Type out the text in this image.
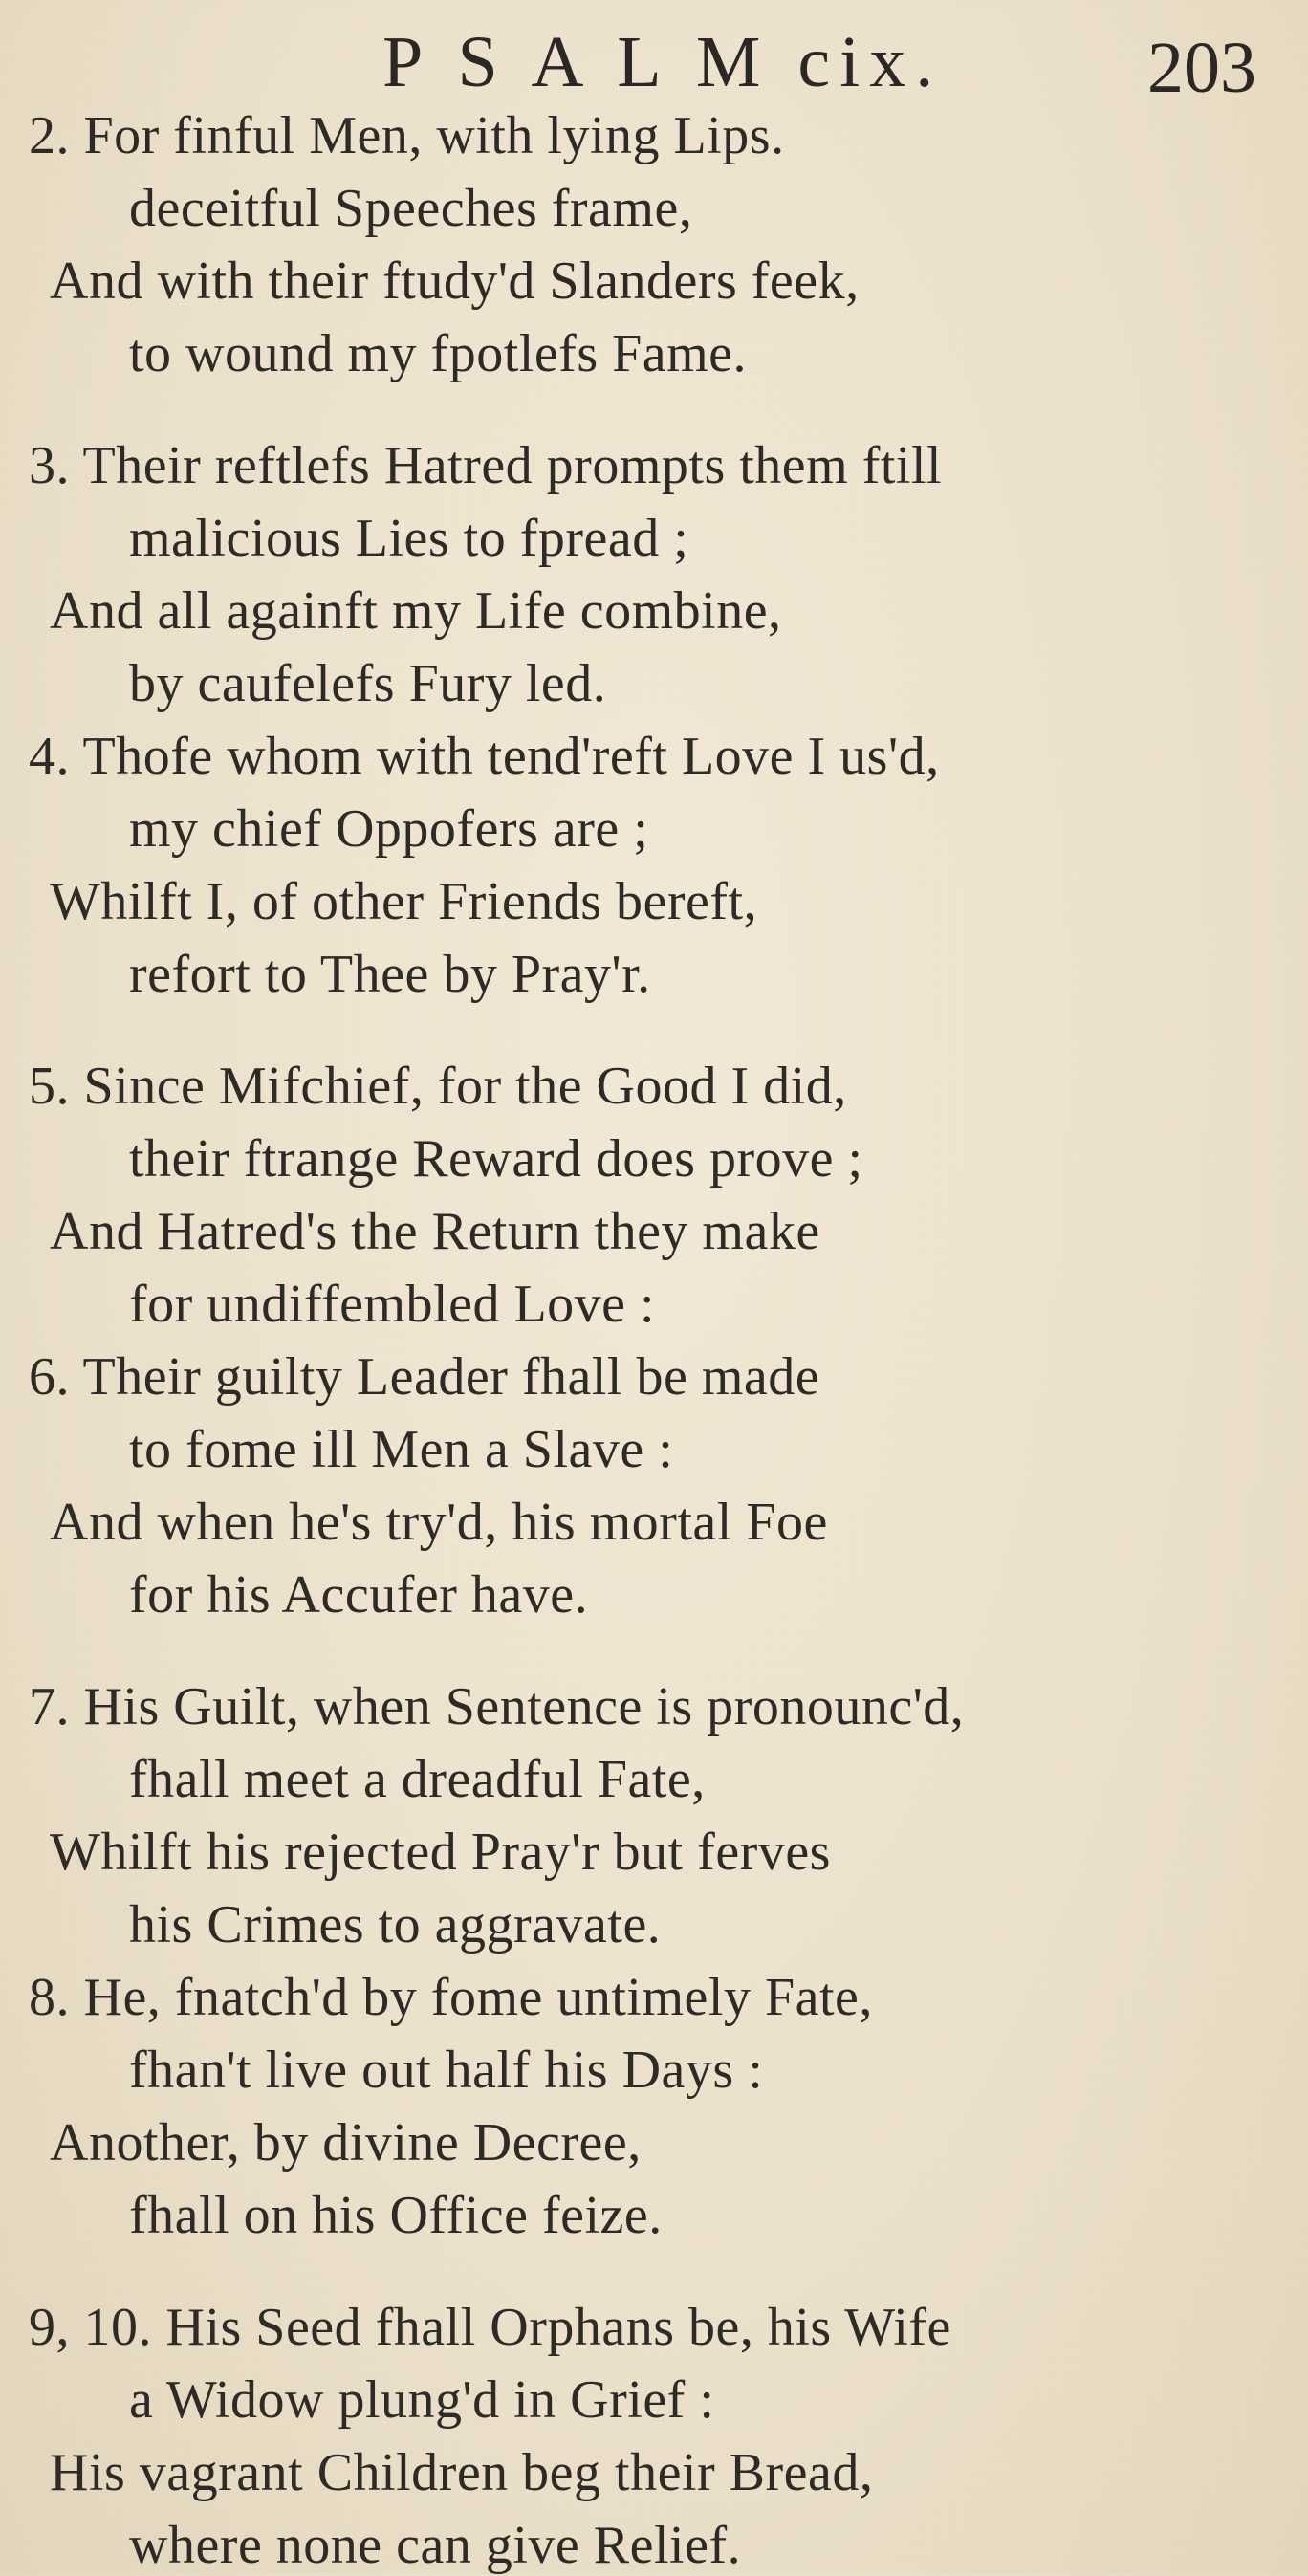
P S A L M cix.	203
2. For finful Men, with lying Lips.
deceitful Speeches frame,
And with their ftudy'd Slanders feek,
to wound my fpotlefs Fame.
3. Their reftlefs Hatred prompts them ftill
malicious Lies to fpread ;
And all againft my Life combine,
by caufelefs Fury led.
4. Thofe whom with tend'reft Love I us'd,
my chief Oppofers are ;
Whilft I, of other Friends bereft,
refort to Thee by Pray'r.
5. Since Mifchief, for the Good I did,
their ftrange Reward does prove ;
And Hatred's the Return they make
for undiffembled Love :
6. Their guilty Leader fhall be made
to fome ill Men a Slave :
And when he's try'd, his mortal Foe
for his Accufer have.
7. His Guilt, when Sentence is pronounc'd,
fhall meet a dreadful Fate,
Whilft his rejected Pray'r but ferves
his Crimes to aggravate.
8. He, fnatch'd by fome untimely Fate,
fhan't live out half his Days :
Another, by divine Decree,
fhall on his Office feize.
9, 10. His Seed fhall Orphans be, his Wife
a Widow plung'd in Grief :
His vagrant Children beg their Bread,
where none can give Relief.
